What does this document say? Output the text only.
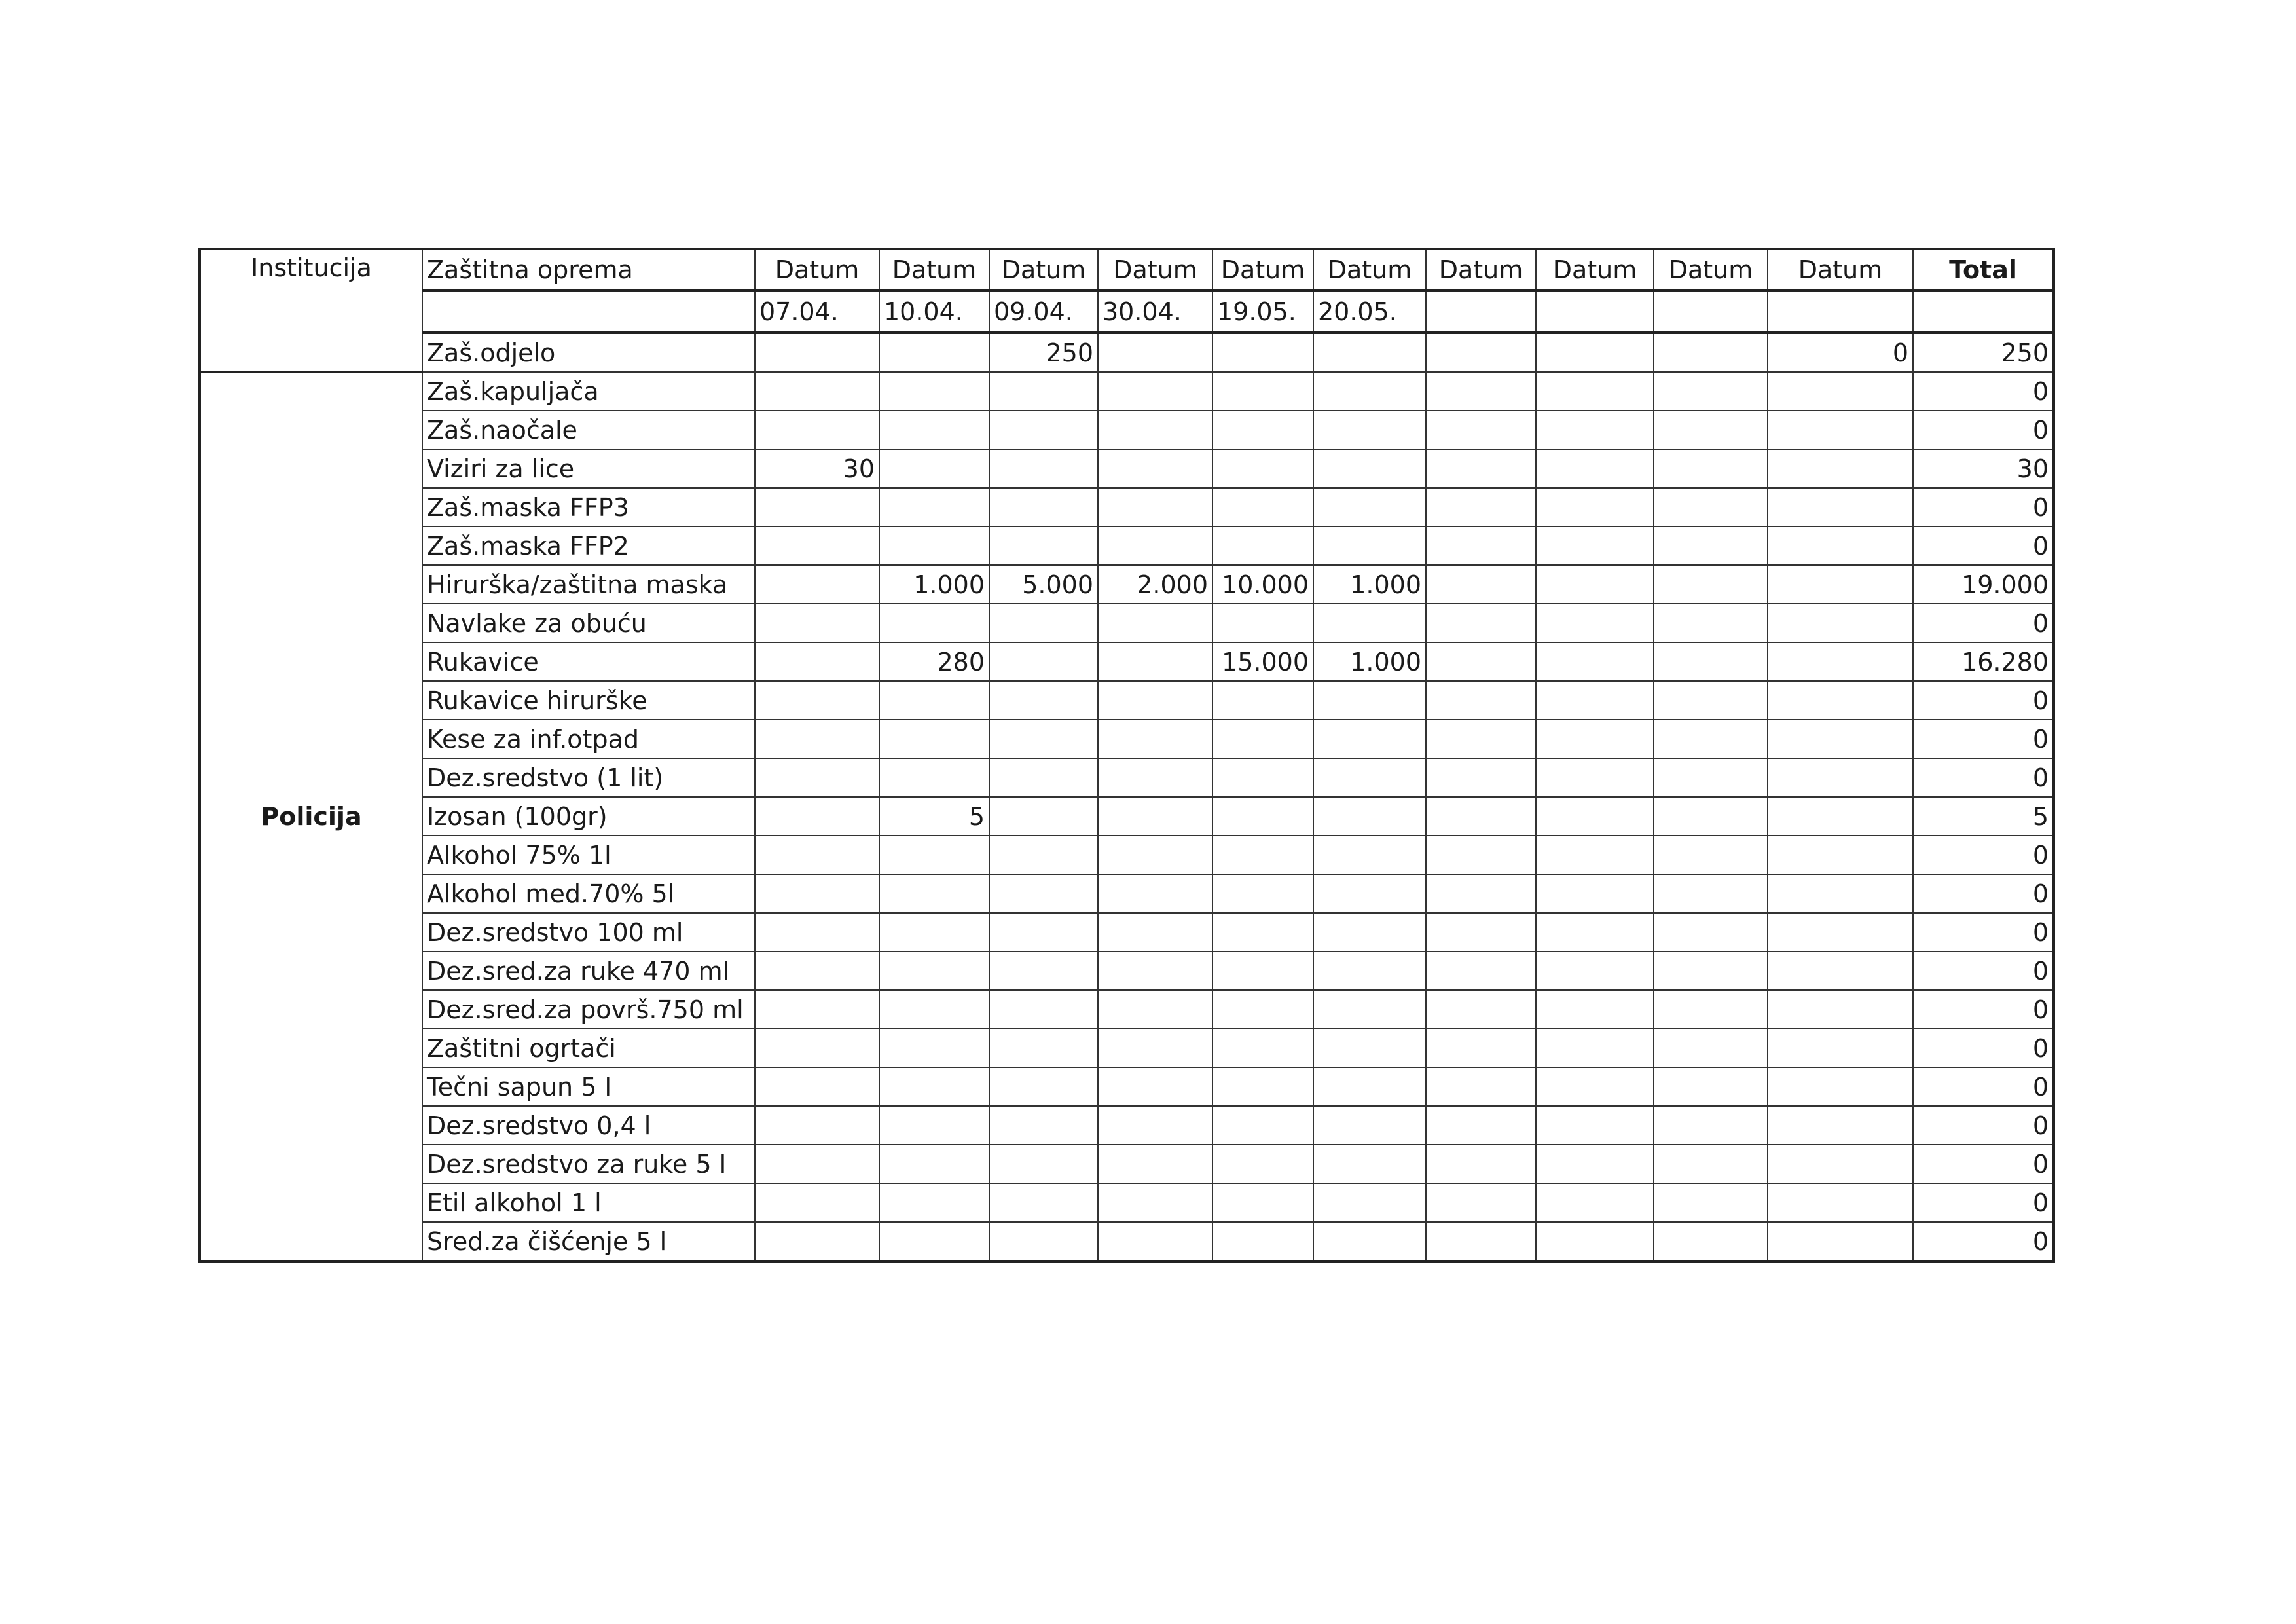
Institucija	Zaštitna oprema	Datum	Datum	Datum	Datum	Datum	Datum	Datum	Datum	Datum	Datum	Total
		07.04.	10.04.	09.04.	30.04.	19.05.	20.05.					
	Zaš.odjelo			250							0	250
Policija	Zaš.kapuljača											0
	Zaš.naočale											0
	Viziri za lice	30										30
	Zaš.maska FFP3											0
	Zaš.maska FFP2											0
	Hirurška/zaštitna maska		1.000	5.000	2.000	10.000	1.000					19.000
	Navlake za obuću											0
	Rukavice		280			15.000	1.000					16.280
	Rukavice hirurške											0
	Kese za inf.otpad											0
	Dez.sredstvo (1 lit)											0
	Izosan (100gr)		5									5
	Alkohol 75% 1l											0
	Alkohol med.70% 5l											0
	Dez.sredstvo 100 ml											0
	Dez.sred.za ruke 470 ml											0
	Dez.sred.za površ.750 ml											0
	Zaštitni ogrtači											0
	Tečni sapun 5 l											0
	Dez.sredstvo 0,4 l											0
	Dez.sredstvo za ruke 5 l											0
	Etil alkohol 1 l											0
	Sred.za čišćenje 5 l											0
